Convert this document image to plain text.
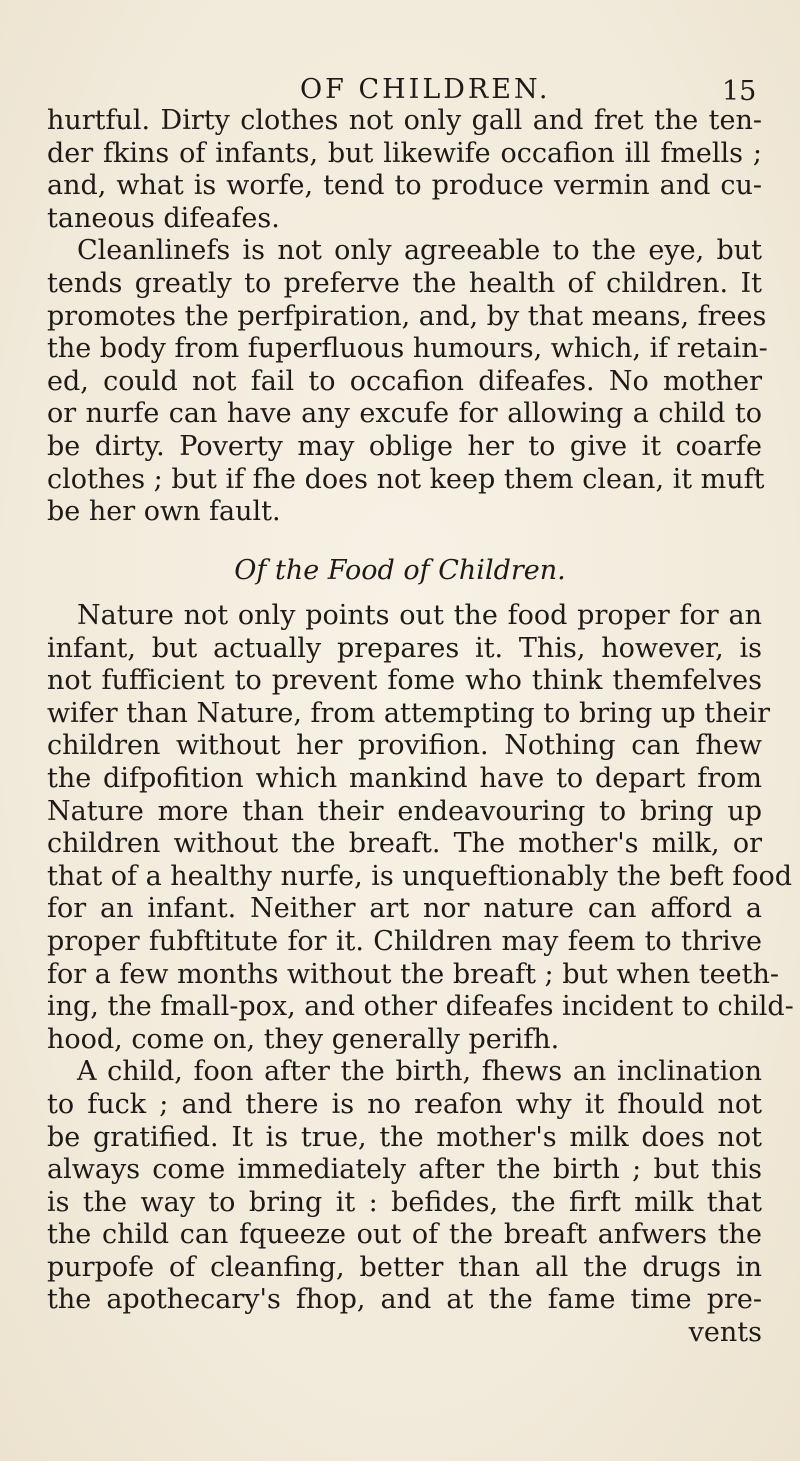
OF CHILDREN.	15
hurtful. Dirty clothes not only gall and fret the ten-
der fkins of infants, but likewife occafion ill fmells ;
and, what is worfe, tend to produce vermin and cu-
taneous difeafes.
Cleanlinefs is not only agreeable to the eye, but
tends greatly to preferve the health of children. It
promotes the perfpiration, and, by that means, frees
the body from fuperfluous humours, which, if retain-
ed, could not fail to occafion difeafes. No mother
or nurfe can have any excufe for allowing a child to
be dirty. Poverty may oblige her to give it coarfe
clothes ; but if fhe does not keep them clean, it muft
be her own fault.
Of the Food of Children.
Nature not only points out the food proper for an
infant, but actually prepares it. This, however, is
not fufficient to prevent fome who think themfelves
wifer than Nature, from attempting to bring up their
children without her provifion. Nothing can fhew
the difpofition which mankind have to depart from
Nature more than their endeavouring to bring up
children without the breaft. The mother's milk, or
that of a healthy nurfe, is unqueftionably the beft food
for an infant. Neither art nor nature can afford a
proper fubftitute for it. Children may feem to thrive
for a few months without the breaft ; but when teeth-
ing, the fmall-pox, and other difeafes incident to child-
hood, come on, they generally perifh.
A child, foon after the birth, fhews an inclination
to fuck ; and there is no reafon why it fhould not
be gratified. It is true, the mother's milk does not
always come immediately after the birth ; but this
is the way to bring it : befides, the firft milk that
the child can fqueeze out of the breaft anfwers the
purpofe of cleanfing, better than all the drugs in
the apothecary's fhop, and at the fame time pre-
vents
